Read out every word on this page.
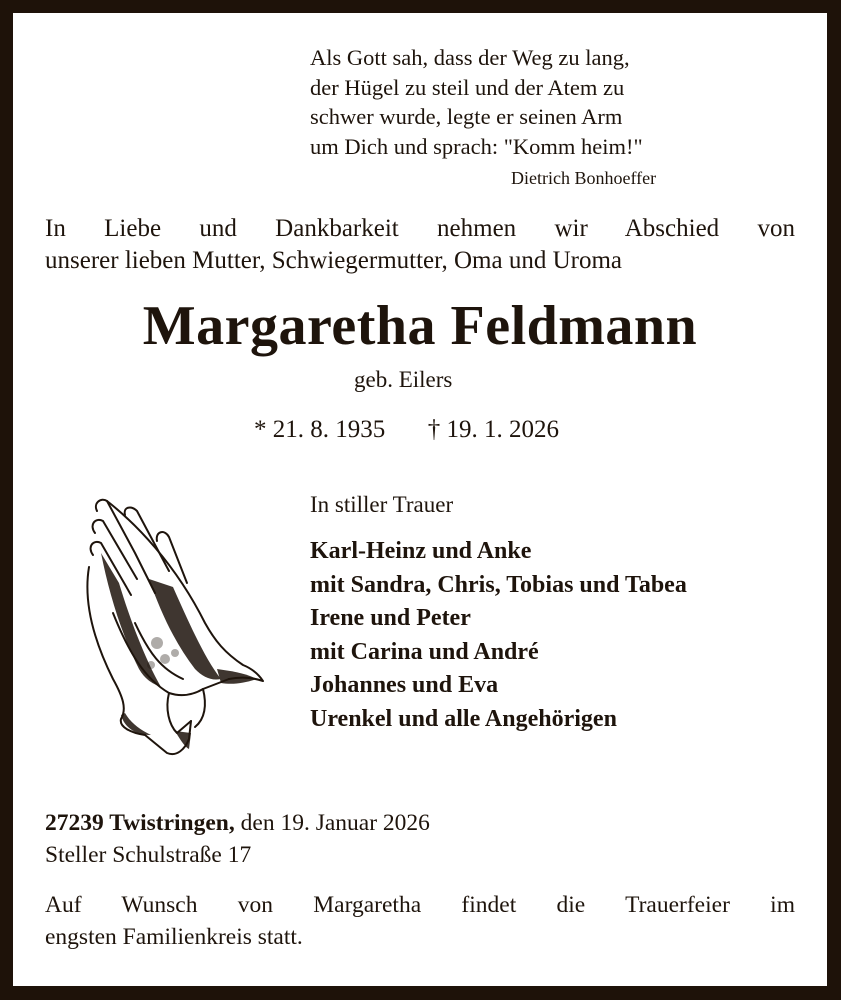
Als Gott sah, dass der Weg zu lang,
der Hügel zu steil und der Atem zu
schwer wurde, legte er seinen Arm
um Dich und sprach: "Komm heim!"
Dietrich Bonhoeffer
In Liebe und Dankbarkeit nehmen wir Abschied von
unserer lieben Mutter, Schwiegermutter, Oma und Uroma
Margaretha Feldmann
geb. Eilers
* 21. 8. 1935 † 19. 1. 2026
In stiller Trauer
Karl-Heinz und Anke
mit Sandra, Chris, Tobias und Tabea
Irene und Peter
mit Carina und André
Johannes und Eva
Urenkel und alle Angehörigen
27239 Twistringen, den 19. Januar 2026
Steller Schulstraße 17
Auf Wunsch von Margaretha findet die Trauerfeier im
engsten Familienkreis statt.
